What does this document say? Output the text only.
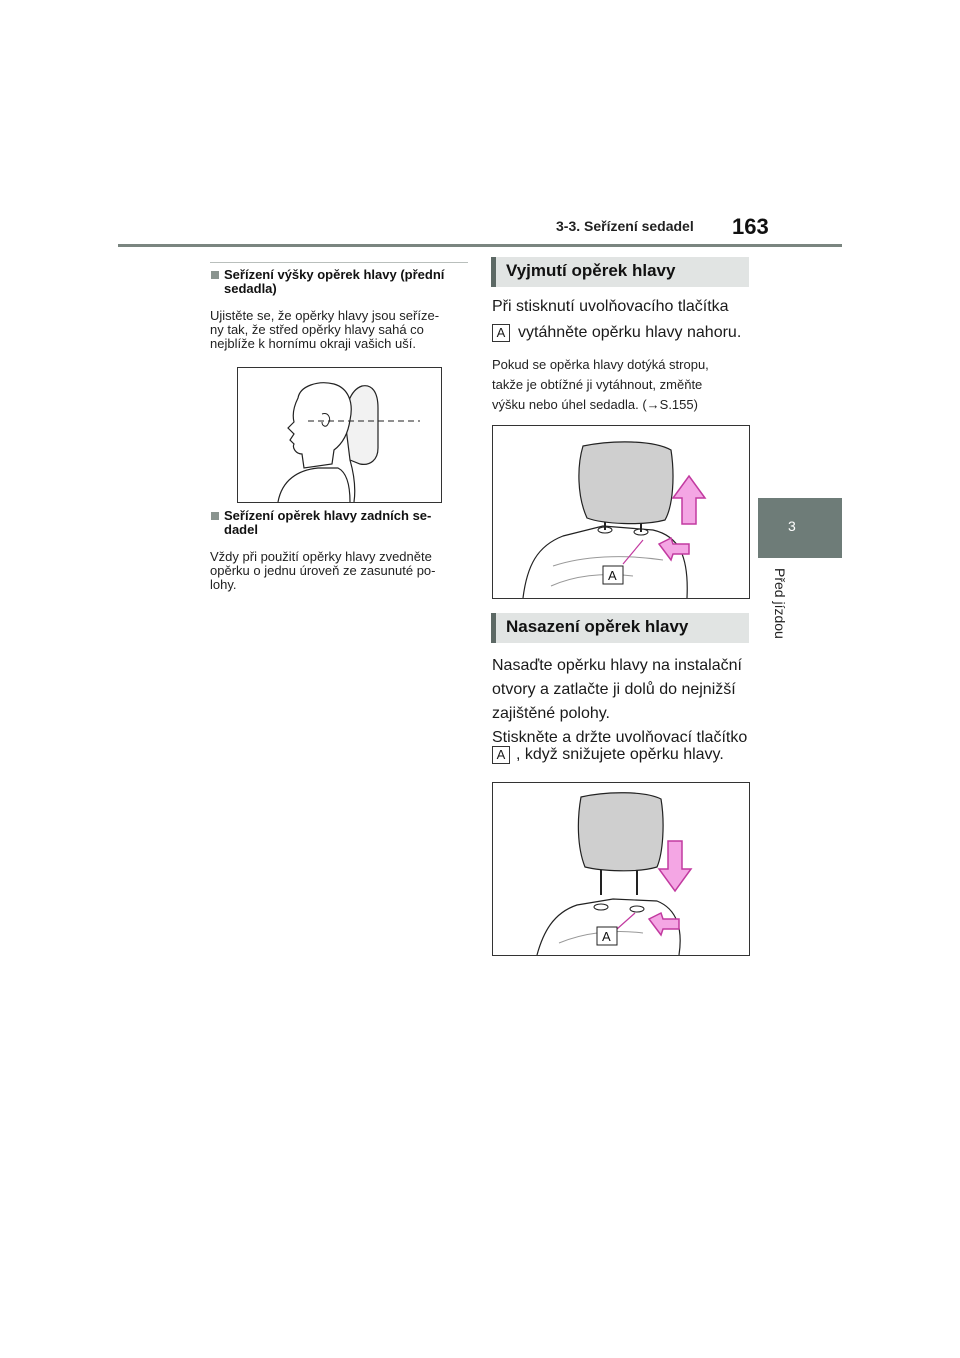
3-3. Seřízení sedadel 163
3
Před jízdou
Seřízení výšky opěrek hlavy (přední
sedadla)
Ujistěte se, že opěrky hlavy jsou seříze-
ny tak, že střed opěrky hlavy sahá co
nejblíže k hornímu okraji vašich uší.
Seřízení opěrek hlavy zadních se-
dadel
Vždy při použití opěrky hlavy zvedněte
opěrku o jednu úroveň ze zasunuté po-
lohy.
Vyjmutí opěrek hlavy
Při stisknutí uvolňovacího tlačítka
A vytáhněte opěrku hlavy nahoru.
Pokud se opěrka hlavy dotýká stropu,
takže je obtížné ji vytáhnout, změňte
výšku nebo úhel sedadla. (→S.155)
A
Nasazení opěrek hlavy
Nasaďte opěrku hlavy na instalační
otvory a zatlačte ji dolů do nejnižší
zajištěné polohy.
Stiskněte a držte uvolňovací tlačítko
A , když snižujete opěrku hlavy.
A
